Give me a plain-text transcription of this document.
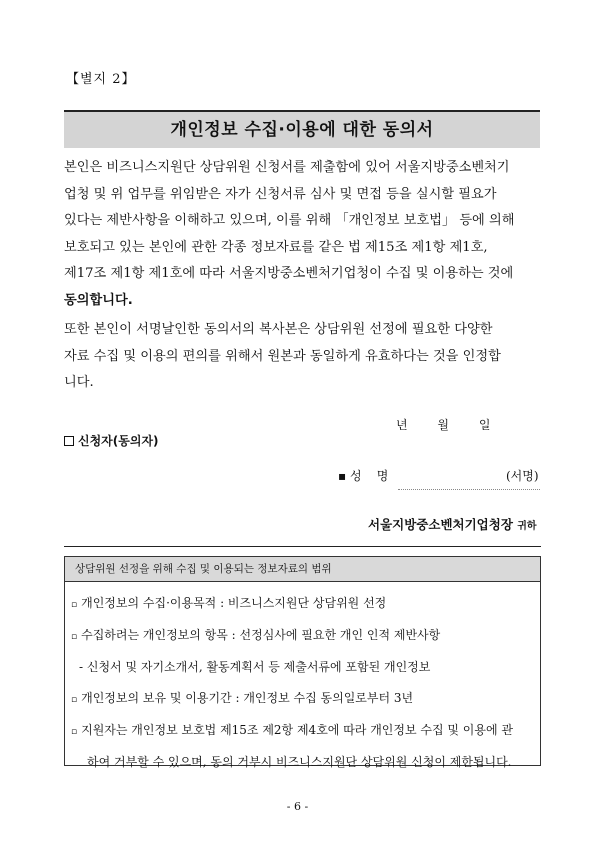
【별지 2】
개인정보 수집·이용에 대한 동의서
본인은 비즈니스지원단 상담위원 신청서를 제출함에 있어 서울지방중소벤처기
업청 및 위 업무를 위임받은 자가 신청서류 심사 및 면접 등을 실시할 필요가
있다는 제반사항을 이해하고 있으며, 이를 위해 「개인정보 보호법」 등에 의해
보호되고 있는 본인에 관한 각종 정보자료를 같은 법 제15조 제1항 제1호,
제17조 제1항 제1호에 따라 서울지방중소벤처기업청이 수집 및 이용하는 것에
동의합니다.
또한 본인이 서명날인한 동의서의 복사본은 상담위원 선정에 필요한 다양한
자료 수집 및 이용의 편의를 위해서 원본과 동일하게 유효하다는 것을 인정합
니다.
년 월 일
신청자(동의자)
▪ 성    명	(서명)
서울지방중소벤처기업청장 귀하
상담위원 선정을 위해 수집 및 이용되는 정보자료의 범위
▫ 개인정보의 수집·이용목적 : 비즈니스지원단 상담위원 선정
▫ 수집하려는 개인정보의 항목 : 선정심사에 필요한 개인 인적 제반사항
- 신청서 및 자기소개서, 활동계획서 등 제출서류에 포함된 개인정보
▫ 개인정보의 보유 및 이용기간 : 개인정보 수집 동의일로부터 3년
▫ 지원자는 개인정보 보호법 제15조 제2항 제4호에 따라 개인정보 수집 및 이용에 관
하여 거부할 수 있으며, 동의 거부시 비즈니스지원단 상담위원 신청이 제한됩니다.
- 6 -
